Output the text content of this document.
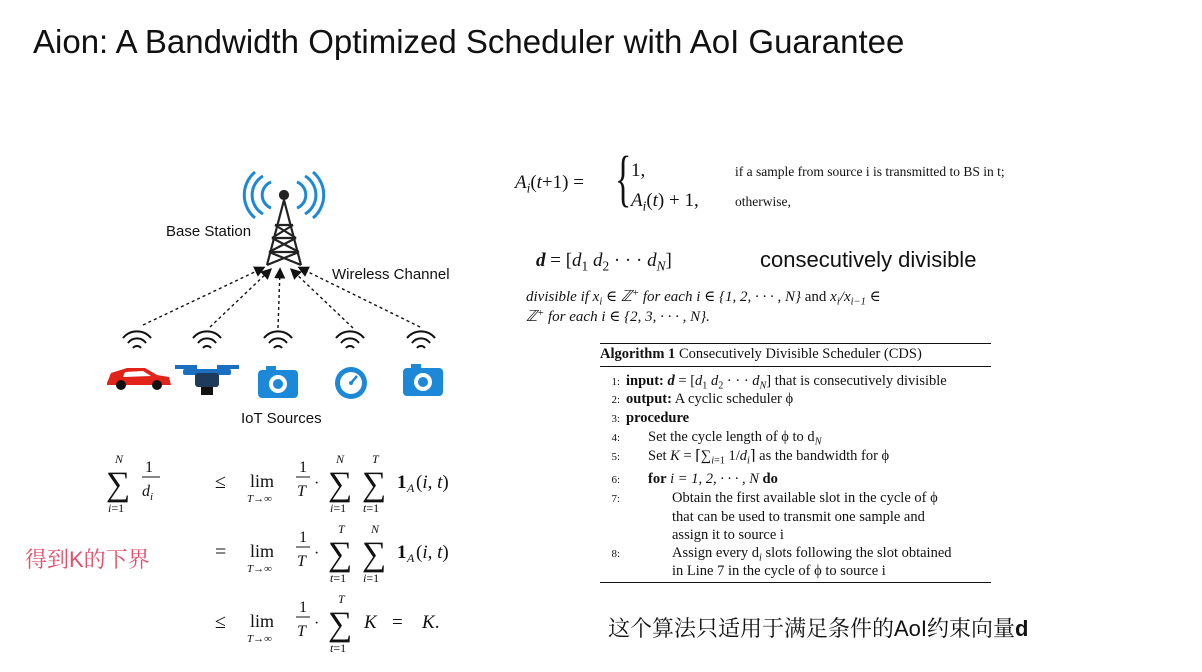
Aion: A Bandwidth Optimized Scheduler with AoI Guarantee
Base Station
Wireless Channel
IoT Sources
$A_i(t+1)$ = { 1,
$A_i(t) + 1$,
if a sample from source i is transmitted to BS in t;
otherwise,
$d = [d_1$ $d_2$ · · · $d_N$]	consecutively divisible
divisible if $x_i$ ∈ ℤ+ for each i ∈ {1, 2, · · · , N} and $x_i/x_{i-1}$ ∈
ℤ+ for each i ∈ {2, 3, · · · , N}.
Algorithm 1 Consecutively Divisible Scheduler (CDS)
1: input: $d = [d_1$ $d_2$ · · · $d_N$] that is consecutively divisible
2: output: A cyclic scheduler ϕ
3: procedure
4: Set the cycle length of ϕ to $d_N$
5: Set $K = ⌈\sum_{i=1}$ $1/d_i⌉$ as the bandwidth for ϕ
6: for i = 1, 2, · · · , N do
7:	Obtain the first available slot in the cycle of ϕ
that can be used to transmit one sample and
assign it to source i
8:	Assign every $d_i$ slots following the slot obtained
in Line 7 in the cycle of ϕ to source i
N
∑
i=1
1
$d_i$
≤ lim
T→∞
1
T ·
N
∑
i=1
T
∑
t=1
1 A (i, t)
= lim
T→∞
1
T ·
T
∑
t=1
N
∑
i=1
1 A (i, t)
≤ lim
T→∞
1
T ·
T
∑
t=1
K = K.
得到K的下界
这个算法只适用于满足条件的AoI约束向量d
